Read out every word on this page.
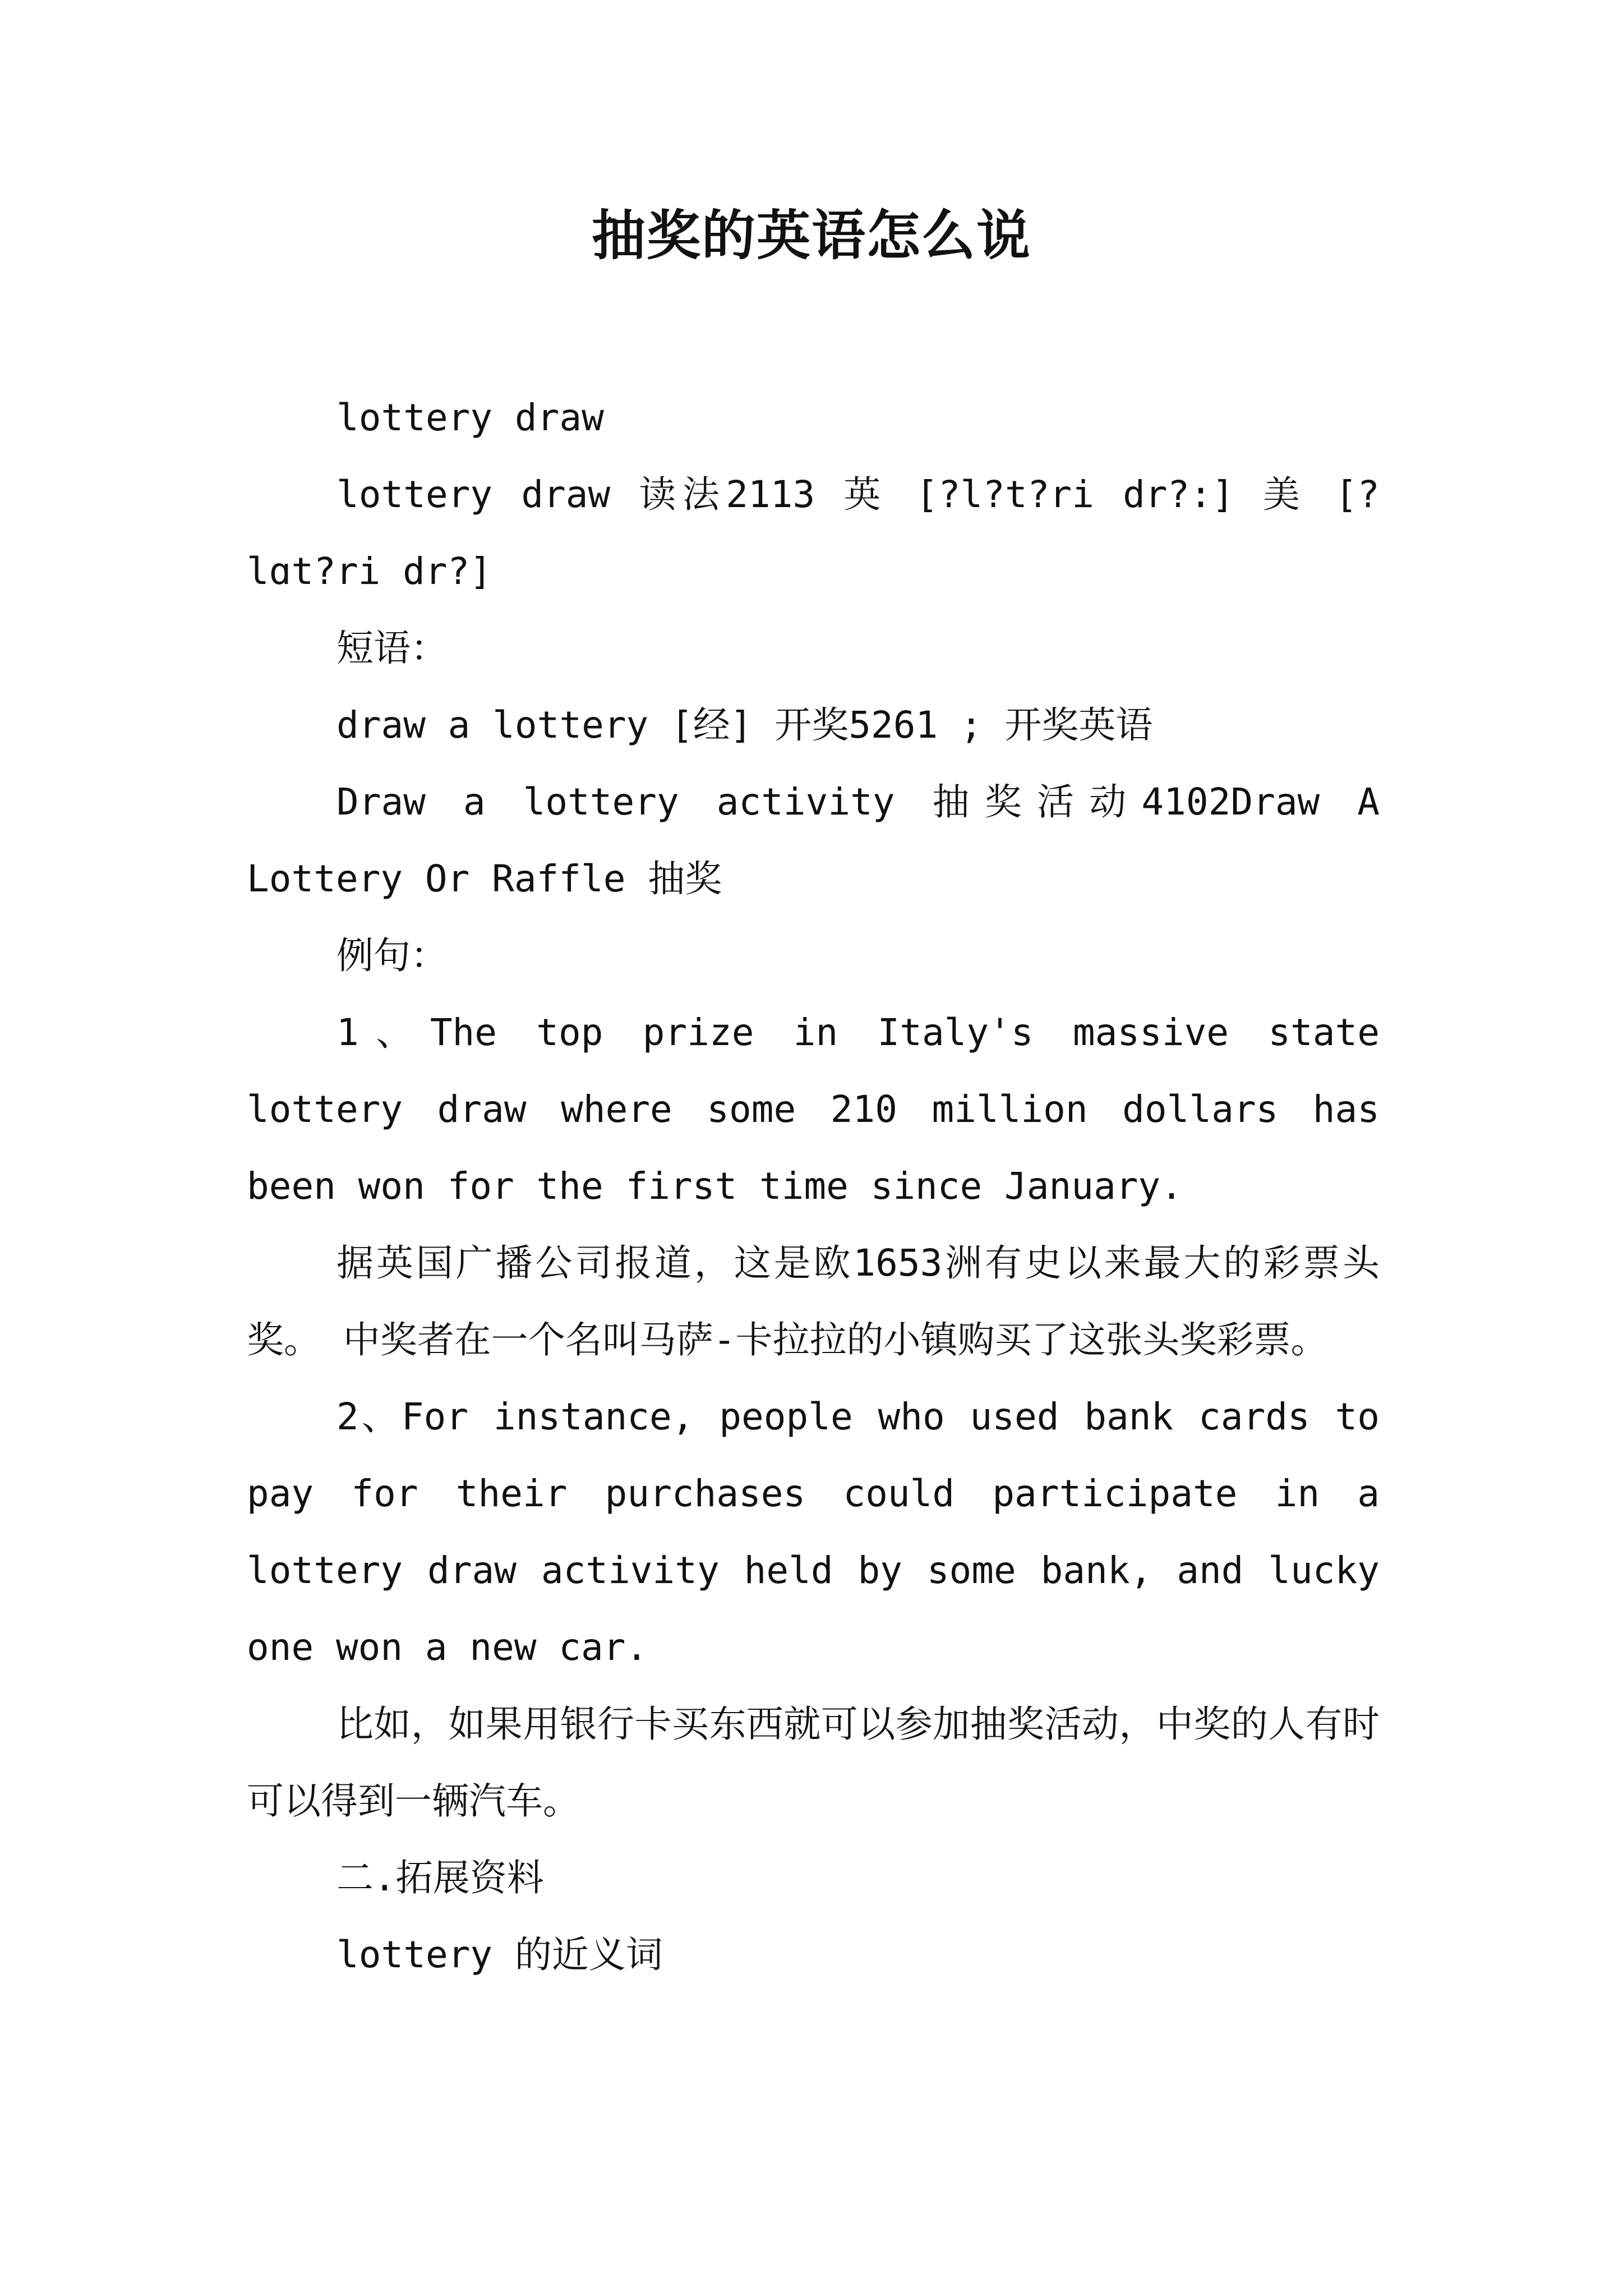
抽奖的英语怎么说

lottery draw

lottery draw 读法2113 英 [?l?t?ri dr?:] 美 [?lɑt?ri dr?]

短语：

draw a lottery [经] 开奖5261 ; 开奖英语

Draw a lottery activity 抽奖活动4102Draw A Lottery Or Raffle 抽奖

例句：

1、The top prize in Italy's massive state lottery draw where some 210 million dollars has been won for the first time since January.

据英国广播公司报道，这是欧1653洲有史以来最大的彩票头奖。 中奖者在一个名叫马萨-卡拉拉的小镇购买了这张头奖彩票。

2、For instance, people who used bank cards to pay for their purchases could participate in a lottery draw activity held by some bank, and lucky one won a new car.

比如，如果用银行卡买东西就可以参加抽奖活动，中奖的人有时可以得到一辆汽车。

二.拓展资料

lottery 的近义词
